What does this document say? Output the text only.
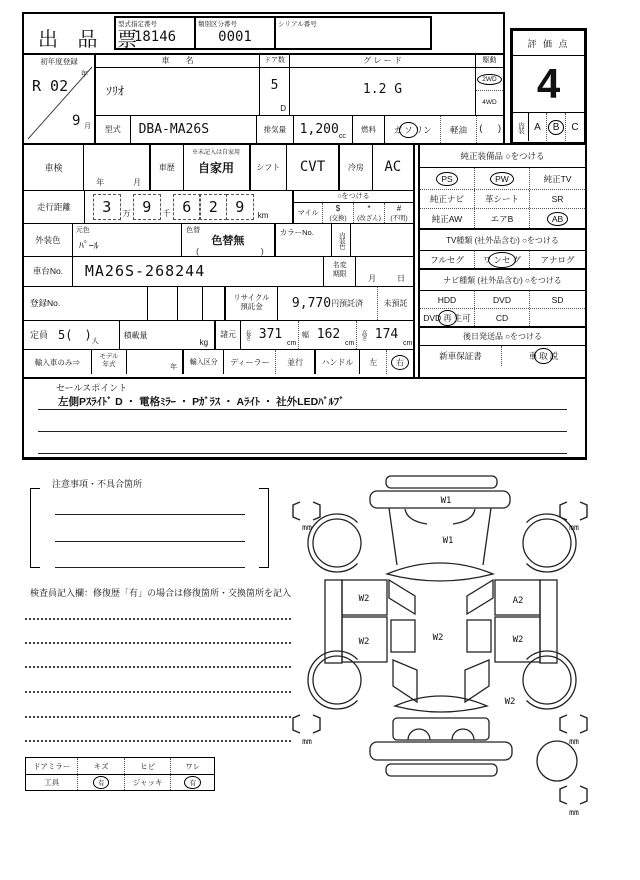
出 品 票
型式指定番号
18146
類別区分番号
0001
シリアル番号
評 価 点
4
内装	A	B	C
初年度登録
R 02
年
9 月
車　　名
ｿﾘｵ
ドア数
5
D
グ レ ー ド
1.2 G
駆動
2WD
4WD
型式	DBA-MA26S	排気量	1,200 cc
燃料	ガ ソ リン	軽油	( )
車検
年	月
車歴
※未記入は自家用
自家用	シフト	CVT	冷房	AC
走行距離	3	万 9	千 6	2	9	km
○をつける
マイル
$
(交換)
*
(改ざん)
#
(不明)
外装色
元色
ﾊﾟｰﾙ
色替
色替無
(	)
カラーNo.	内装色
車台No.	MA26S-268244	名変
期限	月	日
登録No.
リサイクル
預託金	9,770 円預託済	未預託
定員 5(　) 人
積載量
kg
諸元	長さ 371
cm
幅 162
cm
高さ 174
cm
輸入車のみ⇒
モデル
年式	年
輸入区分	ディーラー	並行	ハンドル	左	右
純正装備品 ○をつける
PS	PW	純正TV
純正ナビ	革シート	SR
純正AW	エアB	AB
TV種類 (社外品含む) ○をつける
フルセグ	ワ ンセ グ	アナログ
ナビ種類 (社外品含む) ○をつける
HDD	DVD	SD
DVD 再 生可	CD
後日発送品 ○をつける
新車保証書	車 取 説
セールスポイント
左側Pｽﾗｲﾄﾞ D ・ 電格ﾐﾗｰ ・ Pｶﾞﾗｽ ・ Aﾗｲﾄ ・ 社外LEDﾊﾞﾙﾌﾞ
注意事項・不具合箇所
検査員記入欄：修復歴「有」の場合は修復箇所・交換箇所を記入
ドアミラー	キズ	ヒビ	ワレ
工具	有	ジャッキ	有
W1
W1
W2	A2
W2	W2	W2
W2
mm	mm
mm	mm
mm
